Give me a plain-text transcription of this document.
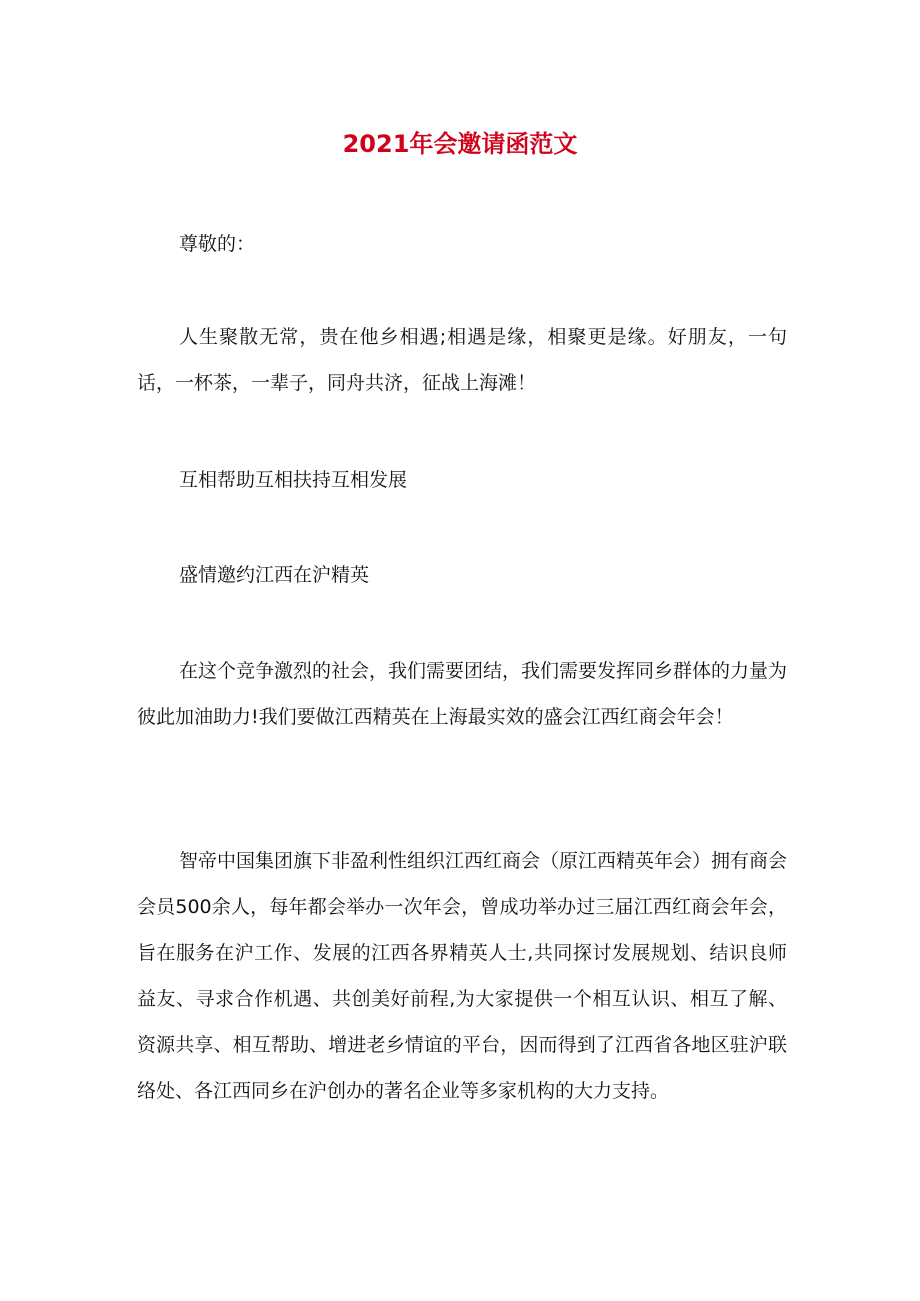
2021年会邀请函范文

尊敬的：

人生聚散无常，贵在他乡相遇;相遇是缘，相聚更是缘。好朋友，一句话，一杯茶，一辈子，同舟共济，征战上海滩！

互相帮助互相扶持互相发展

盛情邀约江西在沪精英

在这个竞争激烈的社会，我们需要团结，我们需要发挥同乡群体的力量为彼此加油助力!我们要做江西精英在上海最实效的盛会江西红商会年会！

智帝中国集团旗下非盈利性组织江西红商会（原江西精英年会）拥有商会会员500余人，每年都会举办一次年会，曾成功举办过三届江西红商会年会，旨在服务在沪工作、发展的江西各界精英人士,共同探讨发展规划、结识良师益友、寻求合作机遇、共创美好前程,为大家提供一个相互认识、相互了解、资源共享、相互帮助、增进老乡情谊的平台，因而得到了江西省各地区驻沪联络处、各江西同乡在沪创办的著名企业等多家机构的大力支持。
